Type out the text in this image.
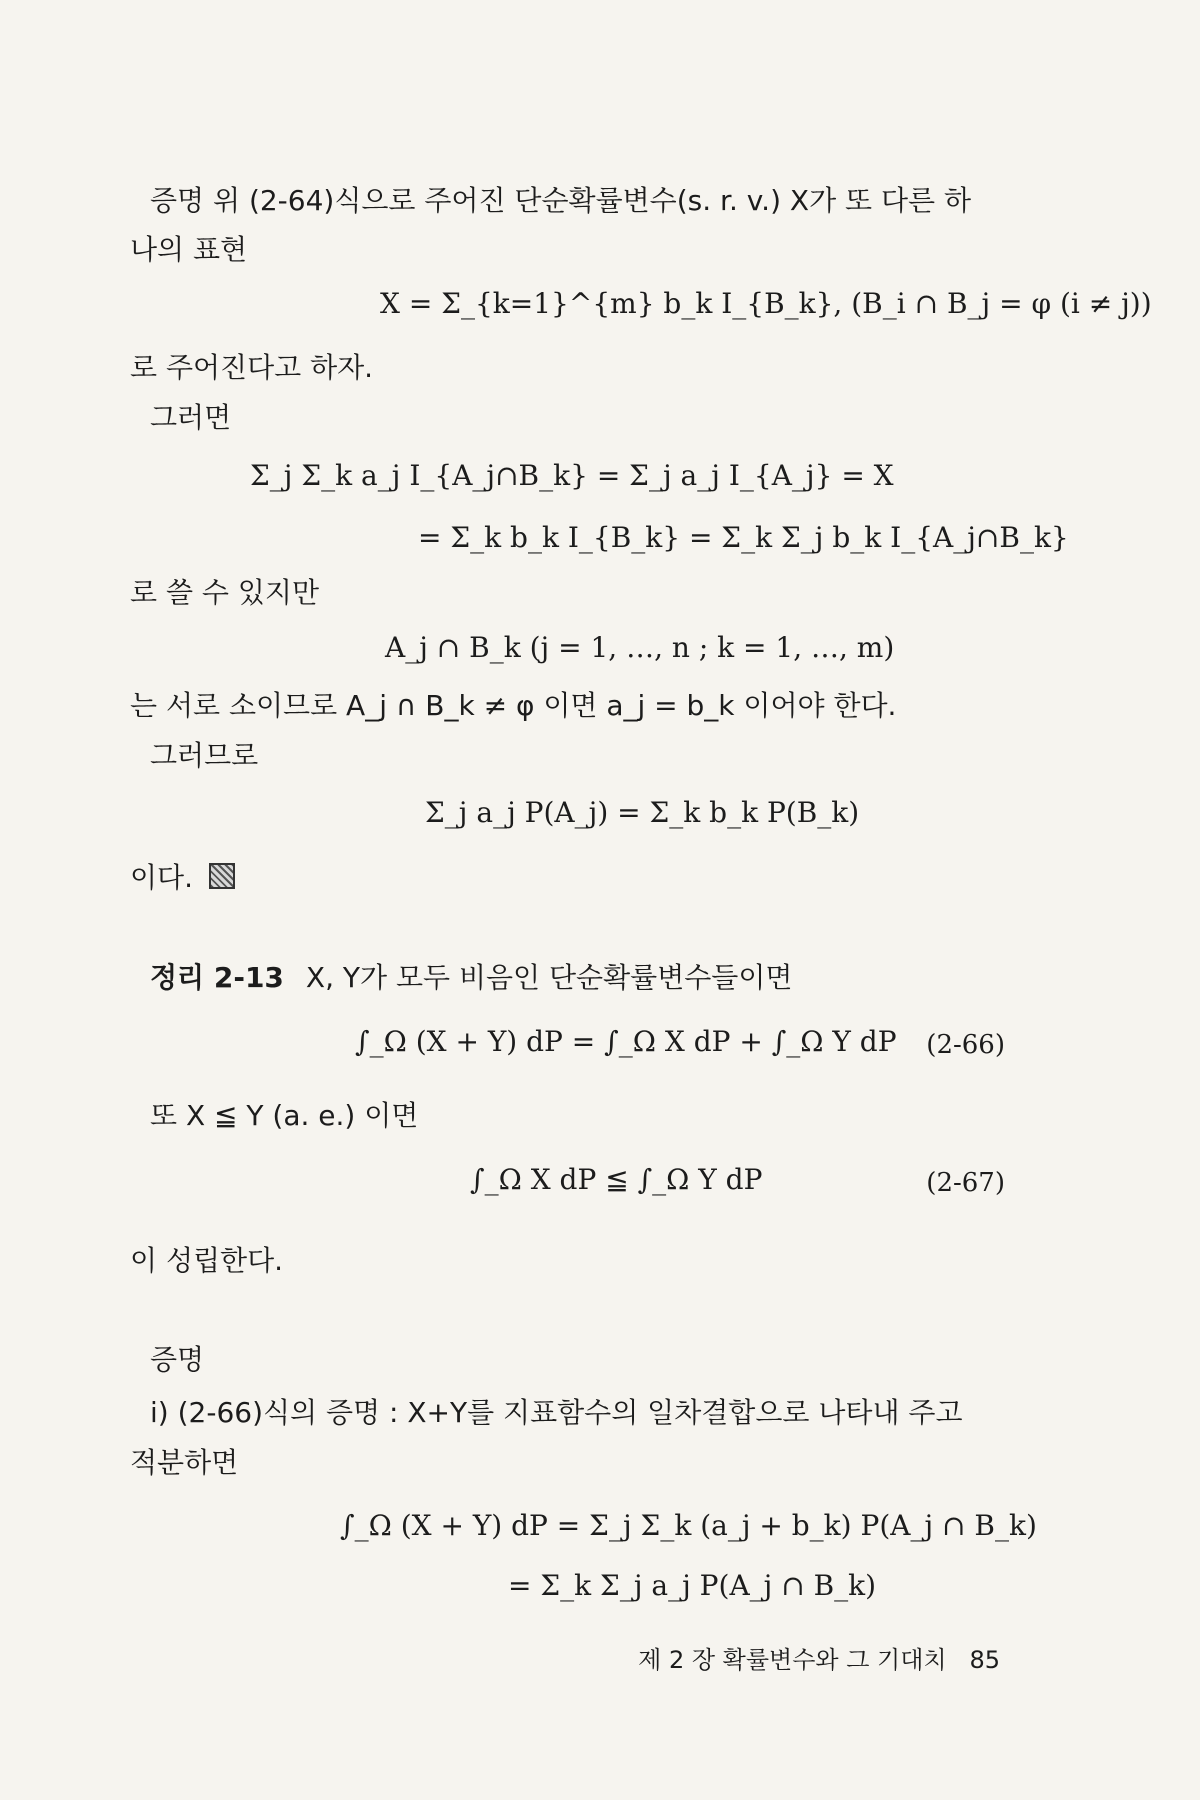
증명 위 (2-64)식으로 주어진 단순확률변수(s. r. v.) X가 또 다른 하
나의 표현
X = Σ_{k=1}^{m} b_k I_{B_k}, (B_i ∩ B_j = φ (i ≠ j))
로 주어진다고 하자.
그러면
Σ_j Σ_k a_j I_{A_j∩B_k} = Σ_j a_j I_{A_j} = X
= Σ_k b_k I_{B_k} = Σ_k Σ_j b_k I_{A_j∩B_k}
로 쓸 수 있지만
A_j ∩ B_k (j = 1, …, n ; k = 1, …, m)
는 서로 소이므로 A_j ∩ B_k ≠ φ 이면 a_j = b_k 이어야 한다.
그러므로
Σ_j a_j P(A_j) = Σ_k b_k P(B_k)
이다.
정리 2-13 X, Y가 모두 비음인 단순확률변수들이면
∫_Ω (X + Y) dP = ∫_Ω X dP + ∫_Ω Y dP (2-66)
또 X ≦ Y (a. e.) 이면
∫_Ω X dP ≦ ∫_Ω Y dP	(2-67)
이 성립한다.
증명
i) (2-66)식의 증명 : X+Y를 지표함수의 일차결합으로 나타내 주고
적분하면
∫_Ω (X + Y) dP = Σ_j Σ_k (a_j + b_k) P(A_j ∩ B_k)
= Σ_k Σ_j a_j P(A_j ∩ B_k)
제 2 장 확률변수와 그 기대치 85
